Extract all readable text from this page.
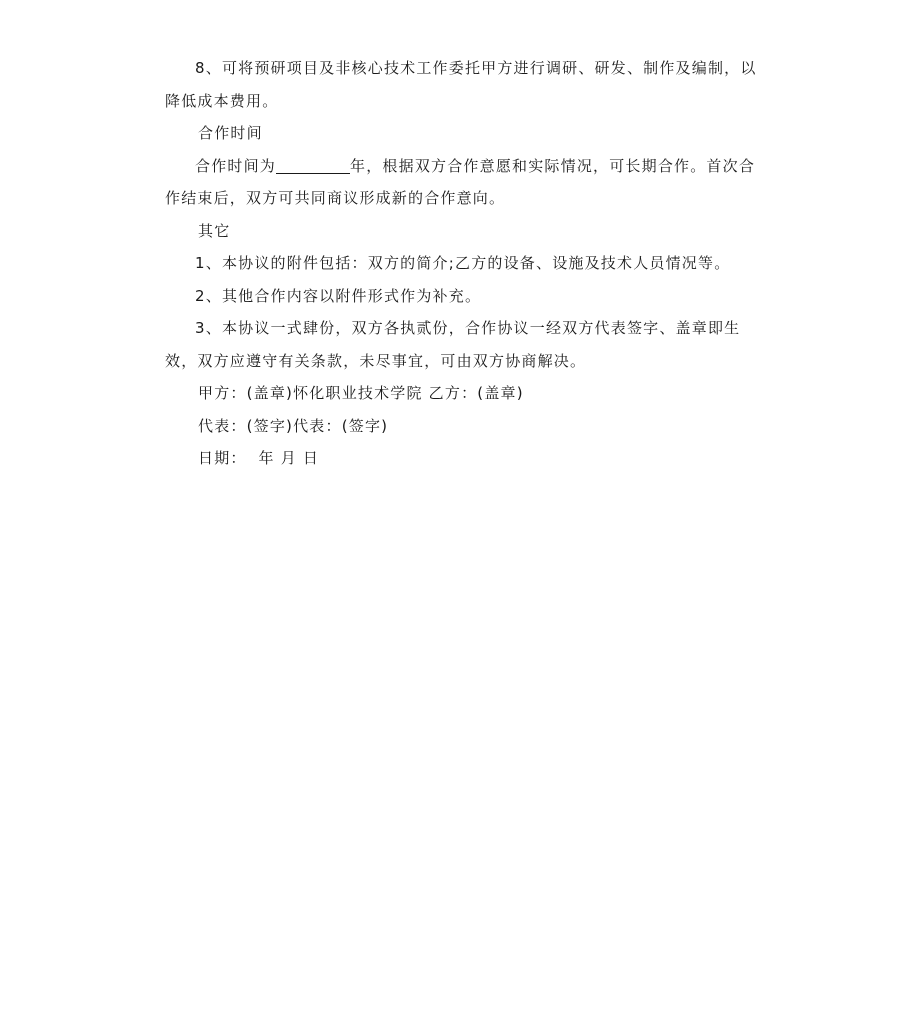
8、可将预研项目及非核心技术工作委托甲方进行调研、研发、制作及编制，以降低成本费用。

合作时间

合作时间为	年，根据双方合作意愿和实际情况，可长期合作。首次合作结束后，双方可共同商议形成新的合作意向。

其它

1、本协议的附件包括：双方的简介;乙方的设备、设施及技术人员情况等。

2、其他合作内容以附件形式作为补充。

3、本协议一式肆份，双方各执贰份，合作协议一经双方代表签字、盖章即生效，双方应遵守有关条款，未尽事宜，可由双方协商解决。

甲方：(盖章)怀化职业技术学院 乙方：(盖章)

代表：(签字)代表：(签字)

日期：  年 月 日
